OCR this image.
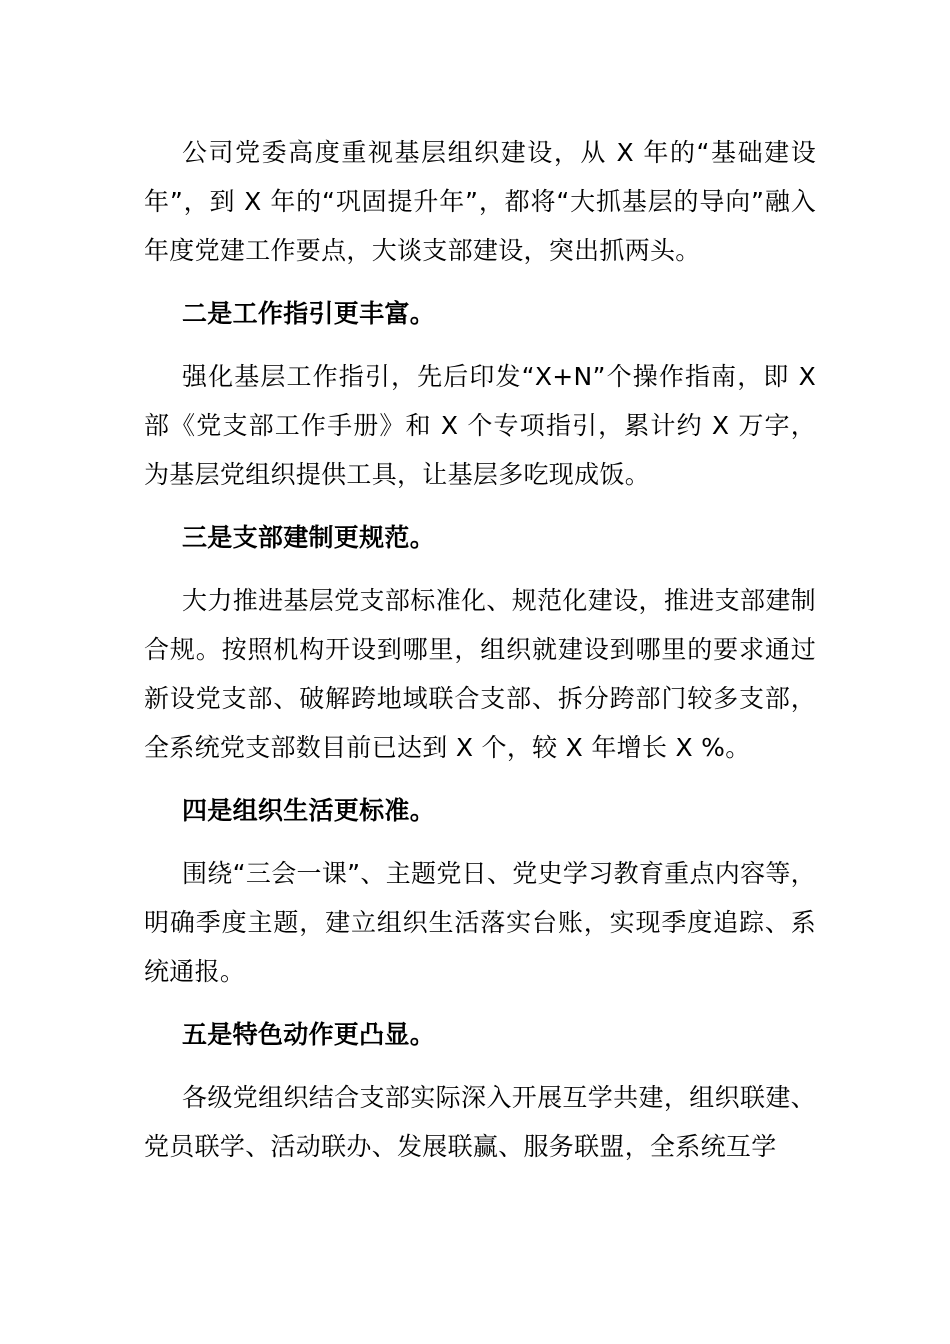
公司党委高度重视基层组织建设，从 X 年的“基础建设年”，到 X 年的“巩固提升年”，都将“大抓基层的导向”融入年度党建工作要点，大谈支部建设，突出抓两头。

二是工作指引更丰富。

强化基层工作指引，先后印发“X+N”个操作指南，即 X 部《党支部工作手册》和 X 个专项指引，累计约 X 万字，为基层党组织提供工具，让基层多吃现成饭。

三是支部建制更规范。

大力推进基层党支部标准化、规范化建设，推进支部建制合规。按照机构开设到哪里，组织就建设到哪里的要求通过新设党支部、破解跨地域联合支部、拆分跨部门较多支部，全系统党支部数目前已达到 X 个，较 X 年增长 X %。

四是组织生活更标准。

围绕“三会一课”、主题党日、党史学习教育重点内容等，明确季度主题，建立组织生活落实台账，实现季度追踪、系统通报。

五是特色动作更凸显。

各级党组织结合支部实际深入开展互学共建，组织联建、党员联学、活动联办、发展联赢、服务联盟，全系统互学
